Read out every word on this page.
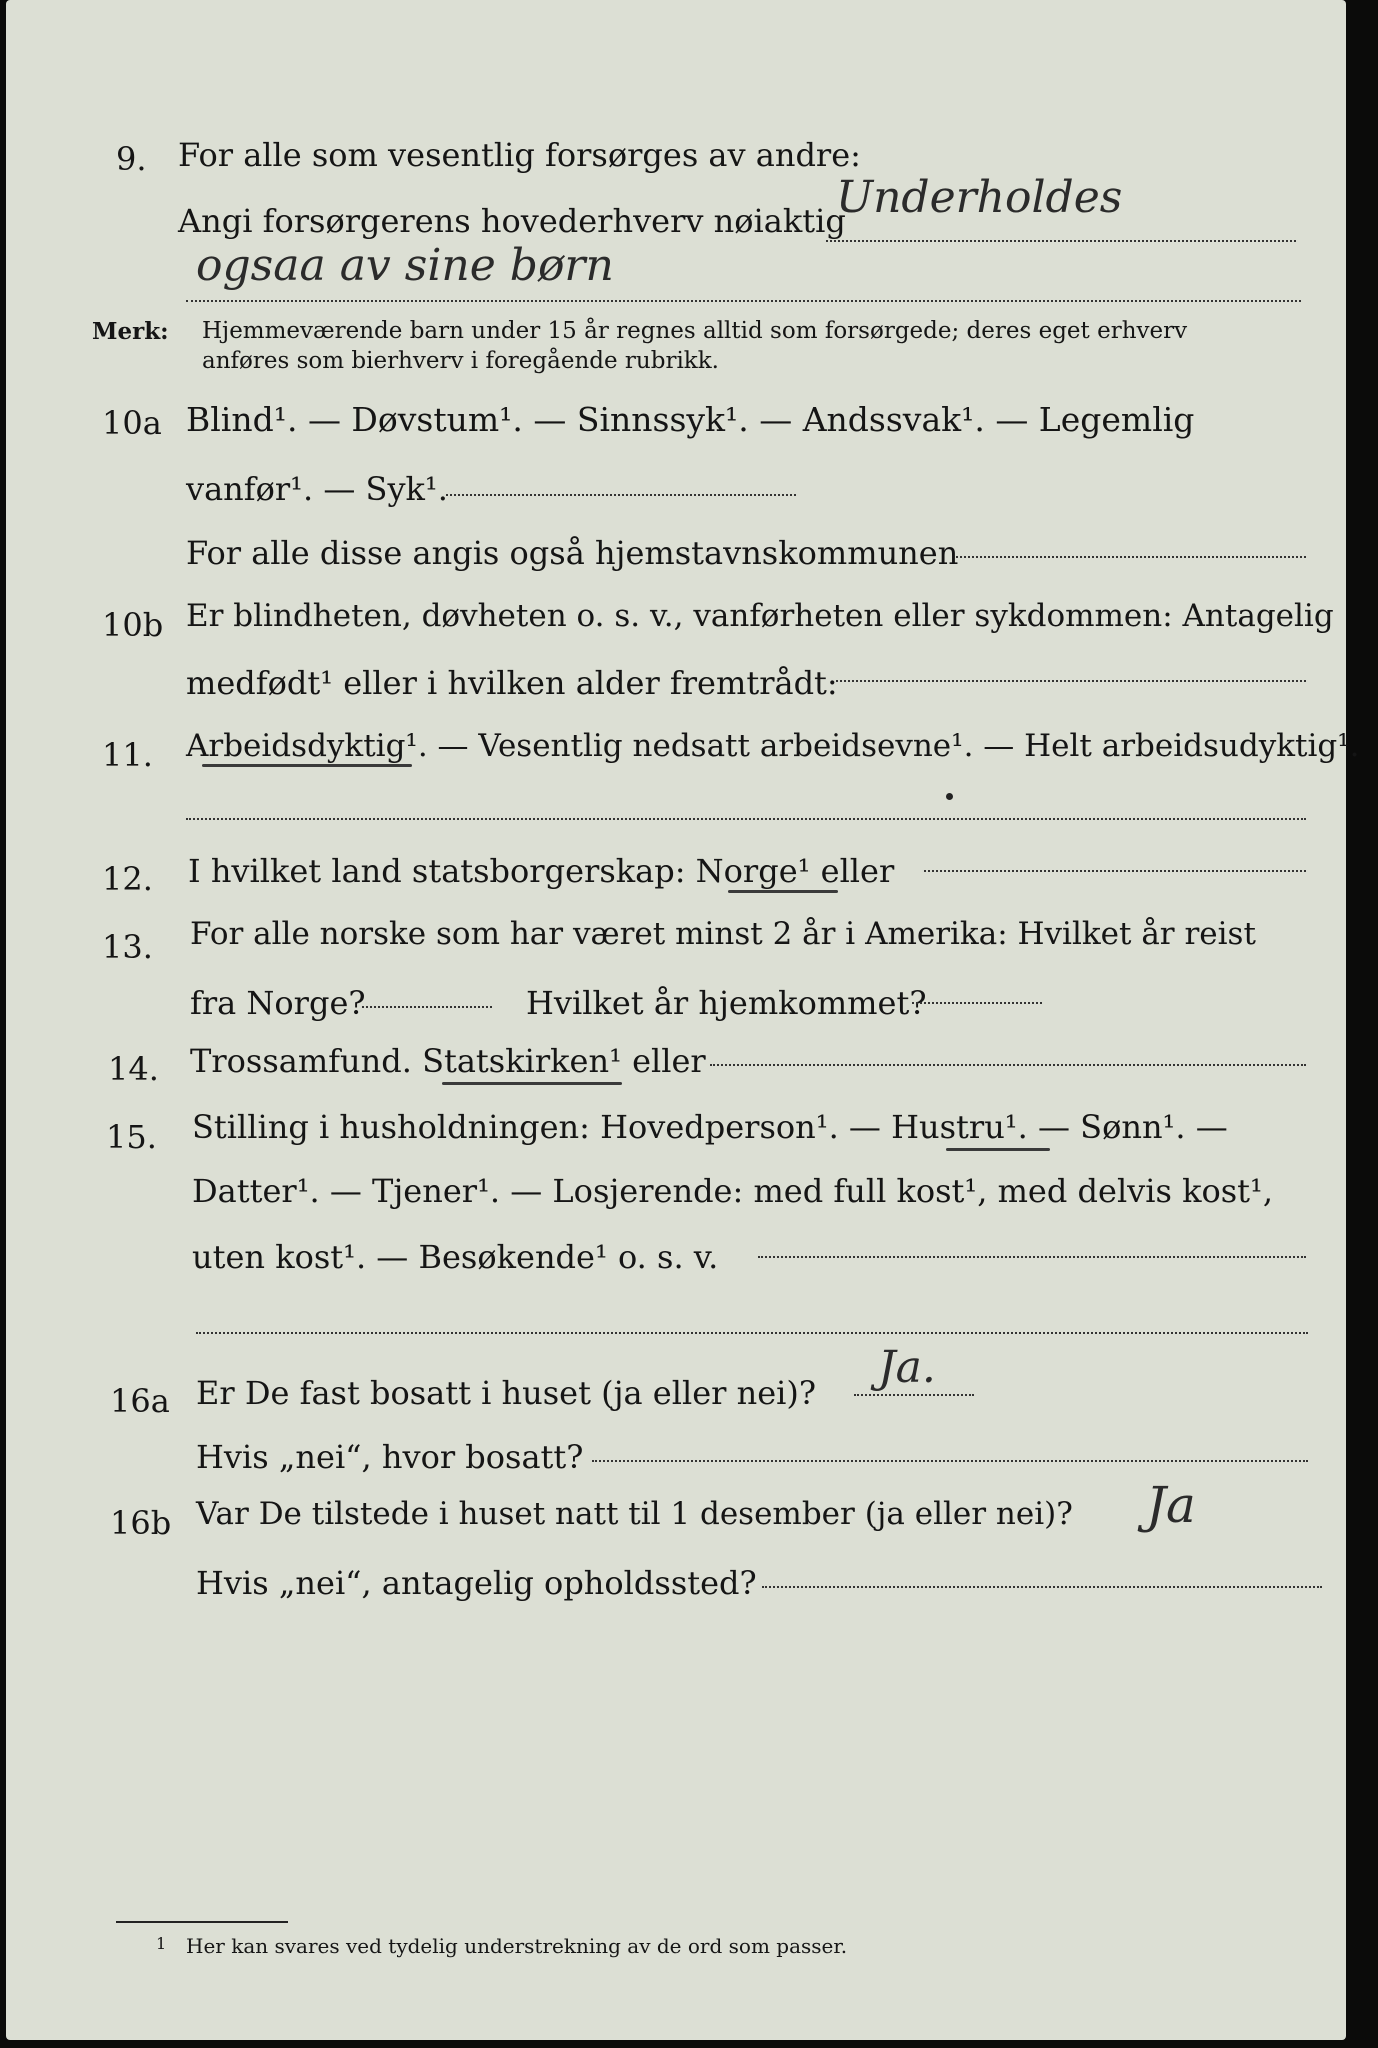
9. For alle som vesentlig forsørges av andre:
Angi forsørgerens hovederhverv nøiaktig
Underholdes
ogsaa av sine børn
Merk: Hjemmeværende barn under 15 år regnes alltid som forsørgede; deres eget erhverv
anføres som bierhverv i foregående rubrikk.
10a Blind¹. — Døvstum¹. — Sinnssyk¹. — Andssvak¹. — Legemlig
vanfør¹. — Syk¹.
For alle disse angis også hjemstavnskommunen
10b Er blindheten, døvheten o. s. v., vanførheten eller sykdommen: Antagelig
medfødt¹ eller i hvilken alder fremtrådt:
11. Arbeidsdyktig¹. — Vesentlig nedsatt arbeidsevne¹. — Helt arbeidsudyktig¹.
12. I hvilket land statsborgerskap: Norge¹ eller
13. For alle norske som har været minst 2 år i Amerika: Hvilket år reist
fra Norge?	Hvilket år hjemkommet?
14. Trossamfund. Statskirken¹ eller
15. Stilling i husholdningen: Hovedperson¹. — Hustru¹. — Sønn¹. —
Datter¹. — Tjener¹. — Losjerende: med full kost¹, med delvis kost¹,
uten kost¹. — Besøkende¹ o. s. v.
16a Er De fast bosatt i huset (ja eller nei)? Ja.
Hvis „nei“, hvor bosatt?
16b Var De tilstede i huset natt til 1 desember (ja eller nei)? Ja
Hvis „nei“, antagelig opholdssted?
1 Her kan svares ved tydelig understrekning av de ord som passer.
